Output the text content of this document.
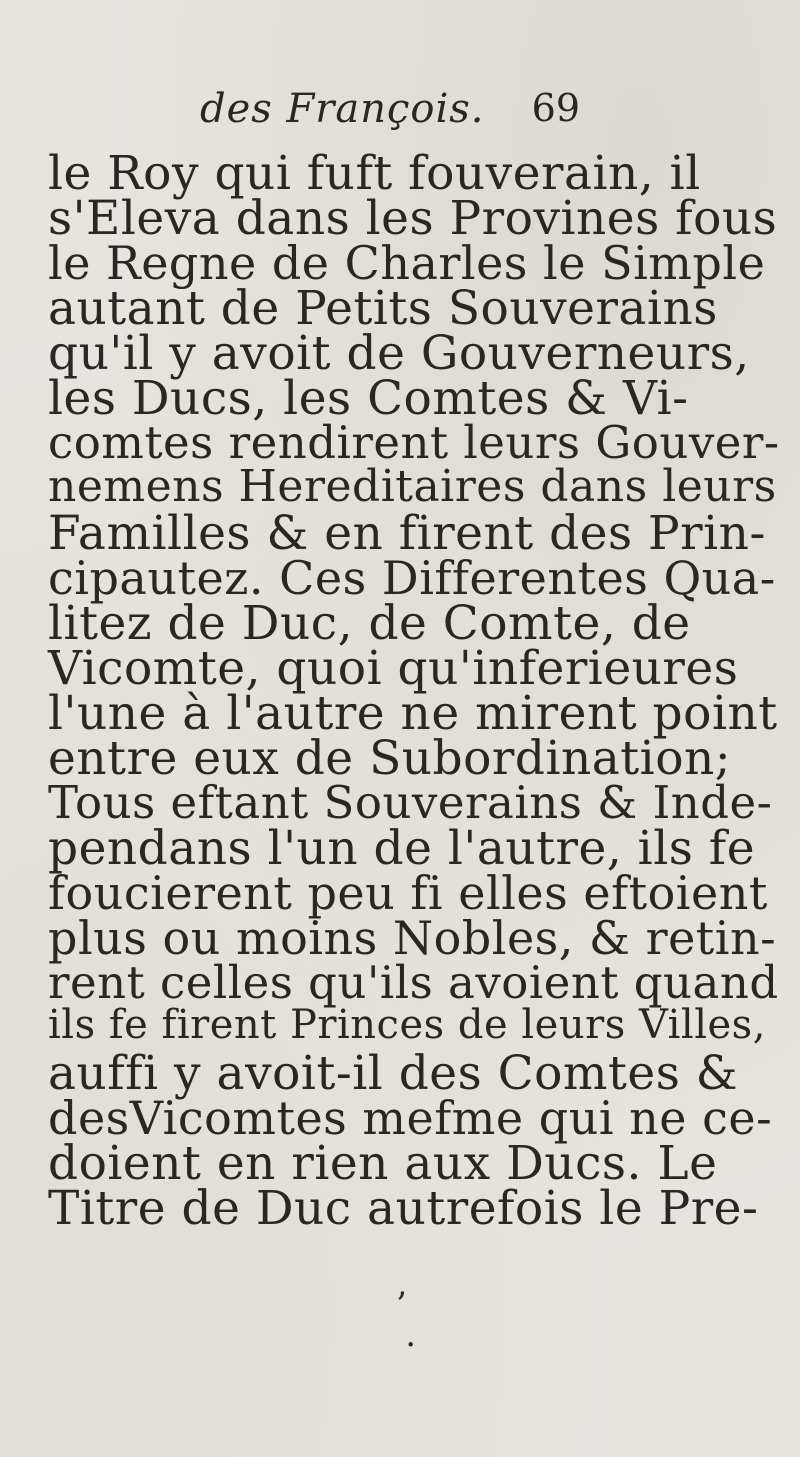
des François. 69
le Roy qui fuft fouverain, il
s'Eleva dans les Provines fous
le Regne de Charles le Simple
autant de Petits Souverains
qu'il y avoit de Gouverneurs,
les Ducs, les Comtes & Vi-
comtes rendirent leurs Gouver-
nemens Hereditaires dans leurs
Familles & en firent des Prin-
cipautez. Ces Differentes Qua-
litez de Duc, de Comte, de
Vicomte, quoi qu'inferieures
l'une à l'autre ne mirent point
entre eux de Subordination;
Tous eftant Souverains & Inde-
pendans l'un de l'autre, ils fe
foucierent peu fi elles eftoient
plus ou moins Nobles, & retin-
rent celles qu'ils avoient quand
ils fe firent Princes de leurs Villes,
auffi y avoit-il des Comtes &
desVicomtes mefme qui ne ce-
doient en rien aux Ducs. Le
Titre de Duc autrefois le Pre-
’
․
